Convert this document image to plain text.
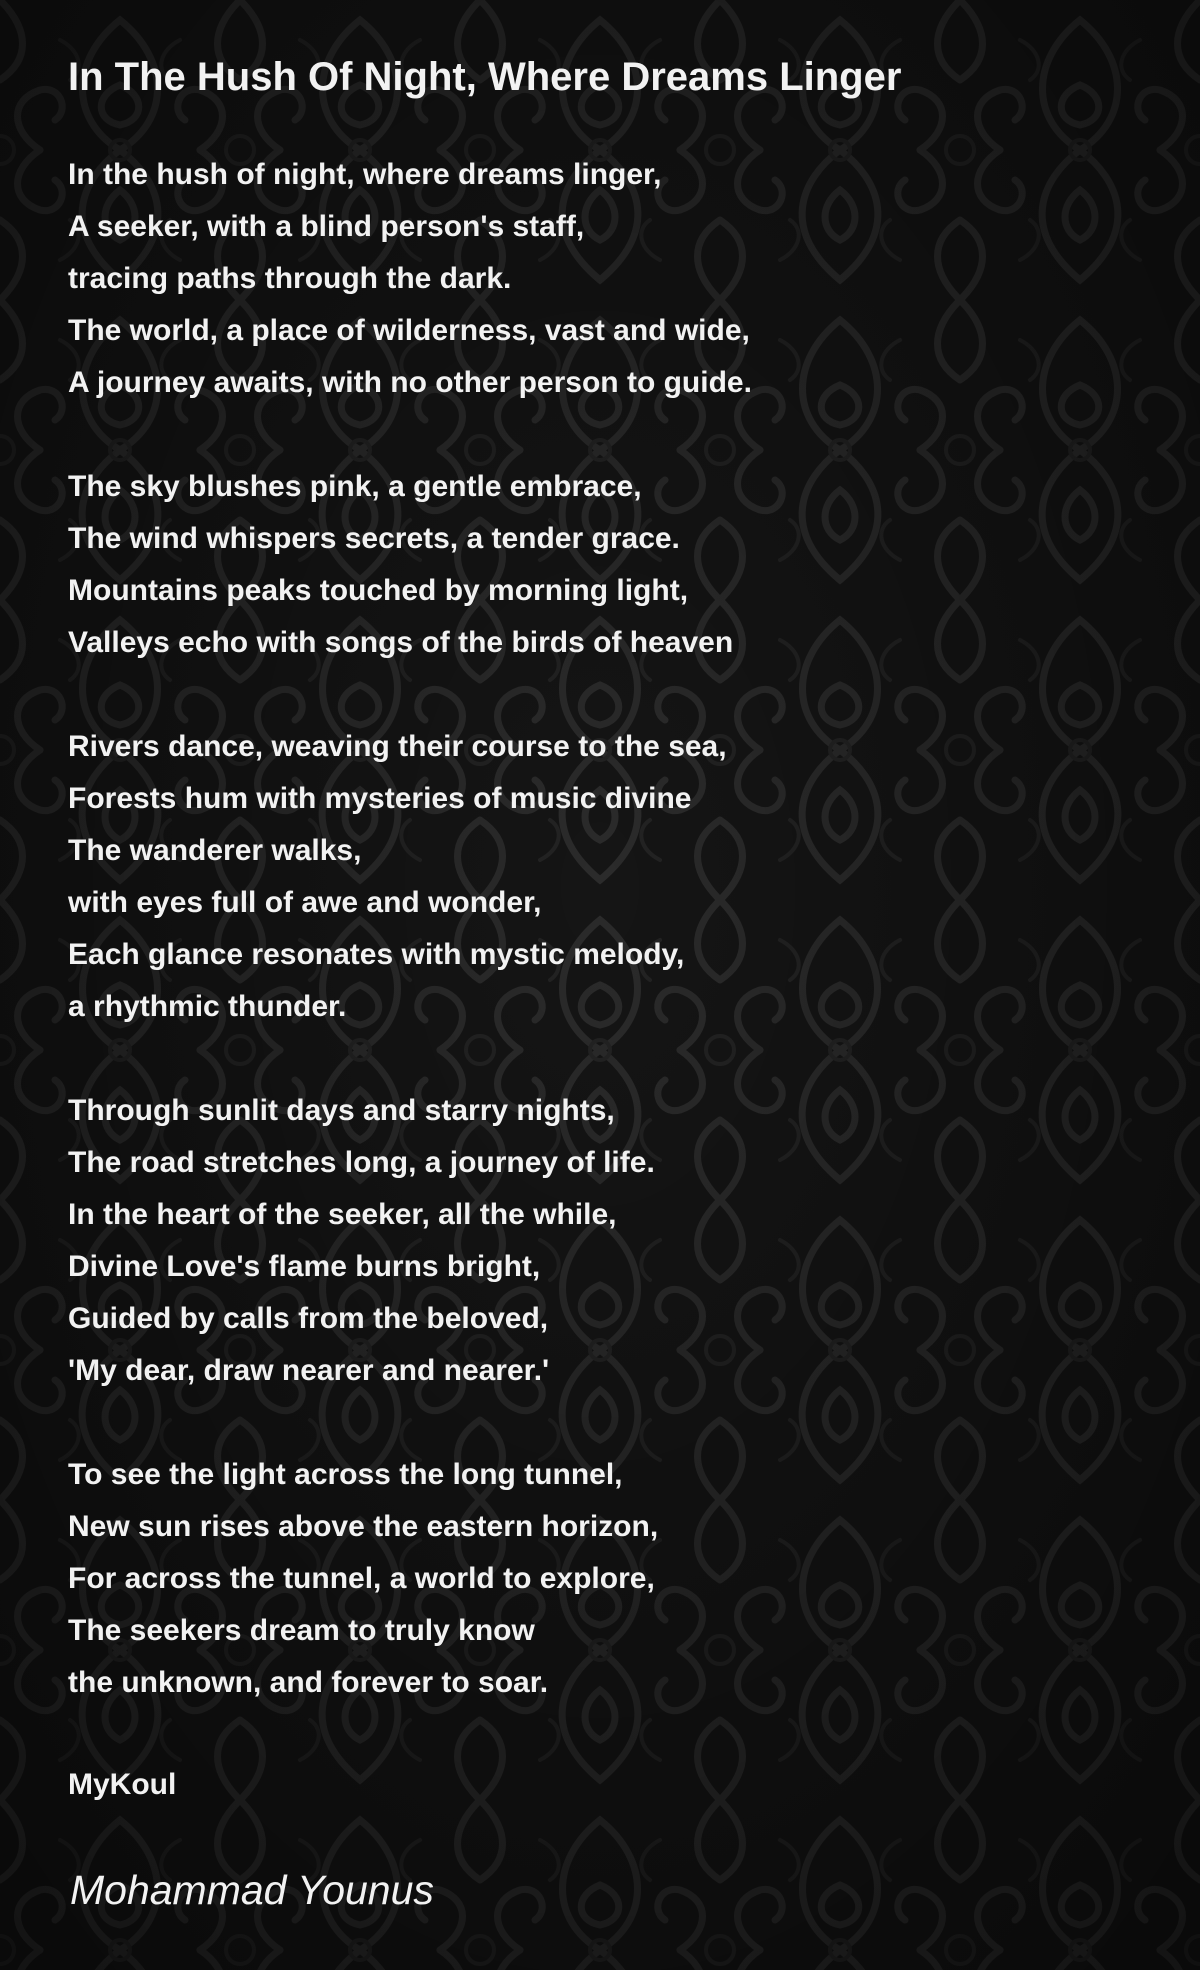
In The Hush Of Night, Where Dreams Linger
In the hush of night, where dreams linger,
A seeker, with a blind person's staff,
tracing paths through the dark.
The world, a place of wilderness, vast and wide,
A journey awaits, with no other person to guide.
The sky blushes pink, a gentle embrace,
The wind whispers secrets, a tender grace.
Mountains peaks touched by morning light,
Valleys echo with songs of the birds of heaven
Rivers dance, weaving their course to the sea,
Forests hum with mysteries of music divine
The wanderer walks,
with eyes full of awe and wonder,
Each glance resonates with mystic melody,
a rhythmic thunder.
Through sunlit days and starry nights,
The road stretches long, a journey of life.
In the heart of the seeker, all the while,
Divine Love's flame burns bright,
Guided by calls from the beloved,
'My dear, draw nearer and nearer.'
To see the light across the long tunnel,
New sun rises above the eastern horizon,
For across the tunnel, a world to explore,
The seekers dream to truly know
the unknown, and forever to soar.
MyKoul
Mohammad Younus
